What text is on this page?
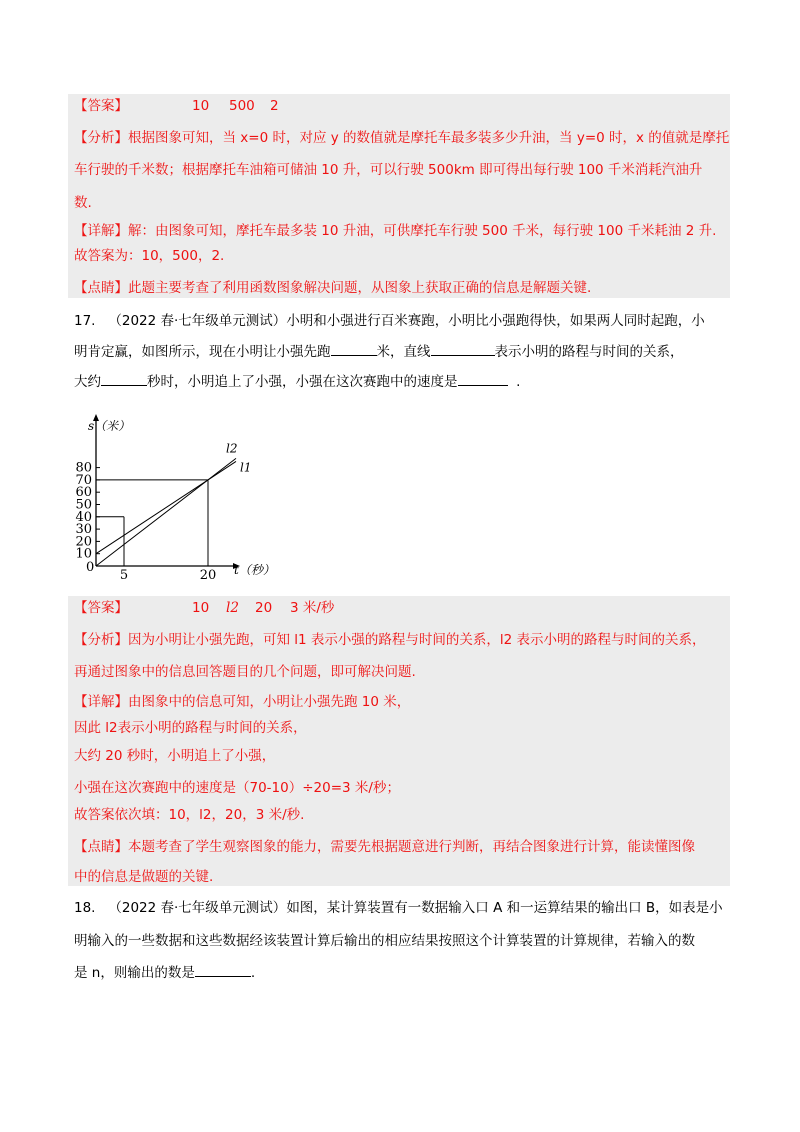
【答案】	10 500 2
【分析】根据图象可知，当 x=0 时，对应 y 的数值就是摩托车最多装多少升油，当 y=0 时，x 的值就是摩托
车行驶的千米数；根据摩托车油箱可储油 10 升，可以行驶 500km 即可得出每行驶 100 千米消耗汽油升
数.
【详解】解：由图象可知，摩托车最多装 10 升油，可供摩托车行驶 500 千米，每行驶 100 千米耗油 2 升.
故答案为：10，500，2.
【点睛】此题主要考查了利用函数图象解决问题，从图象上获取正确的信息是解题关键.
17. （2022 春·七年级单元测试）小明和小强进行百米赛跑，小明比小强跑得快，如果两人同时起跑，小
明肯定赢，如图所示，现在小明让小强先跑	米，直线	表示小明的路程与时间的关系，
大约	秒时，小明追上了小强，小强在这次赛跑中的速度是	.
s（米）
t（秒）
0
10
20
30
40
50
60
70
80
5	20
l2
l1
【答案】	10 l2 20 3 米/秒
【分析】因为小明让小强先跑，可知 l1 表示小强的路程与时间的关系，l2 表示小明的路程与时间的关系，
再通过图象中的信息回答题目的几个问题，即可解决问题.
【详解】由图象中的信息可知，小明让小强先跑 10 米，
因此 l2表示小明的路程与时间的关系，
大约 20 秒时，小明追上了小强，
小强在这次赛跑中的速度是（70-10）÷20=3 米/秒；
故答案依次填：10，l2，20，3 米/秒.
【点睛】本题考查了学生观察图象的能力，需要先根据题意进行判断，再结合图象进行计算，能读懂图像
中的信息是做题的关键.
18. （2022 春·七年级单元测试）如图，某计算装置有一数据输入口 A 和一运算结果的输出口 B，如表是小
明输入的一些数据和这些数据经该装置计算后输出的相应结果按照这个计算装置的计算规律，若输入的数
是 n，则输出的数是	.
